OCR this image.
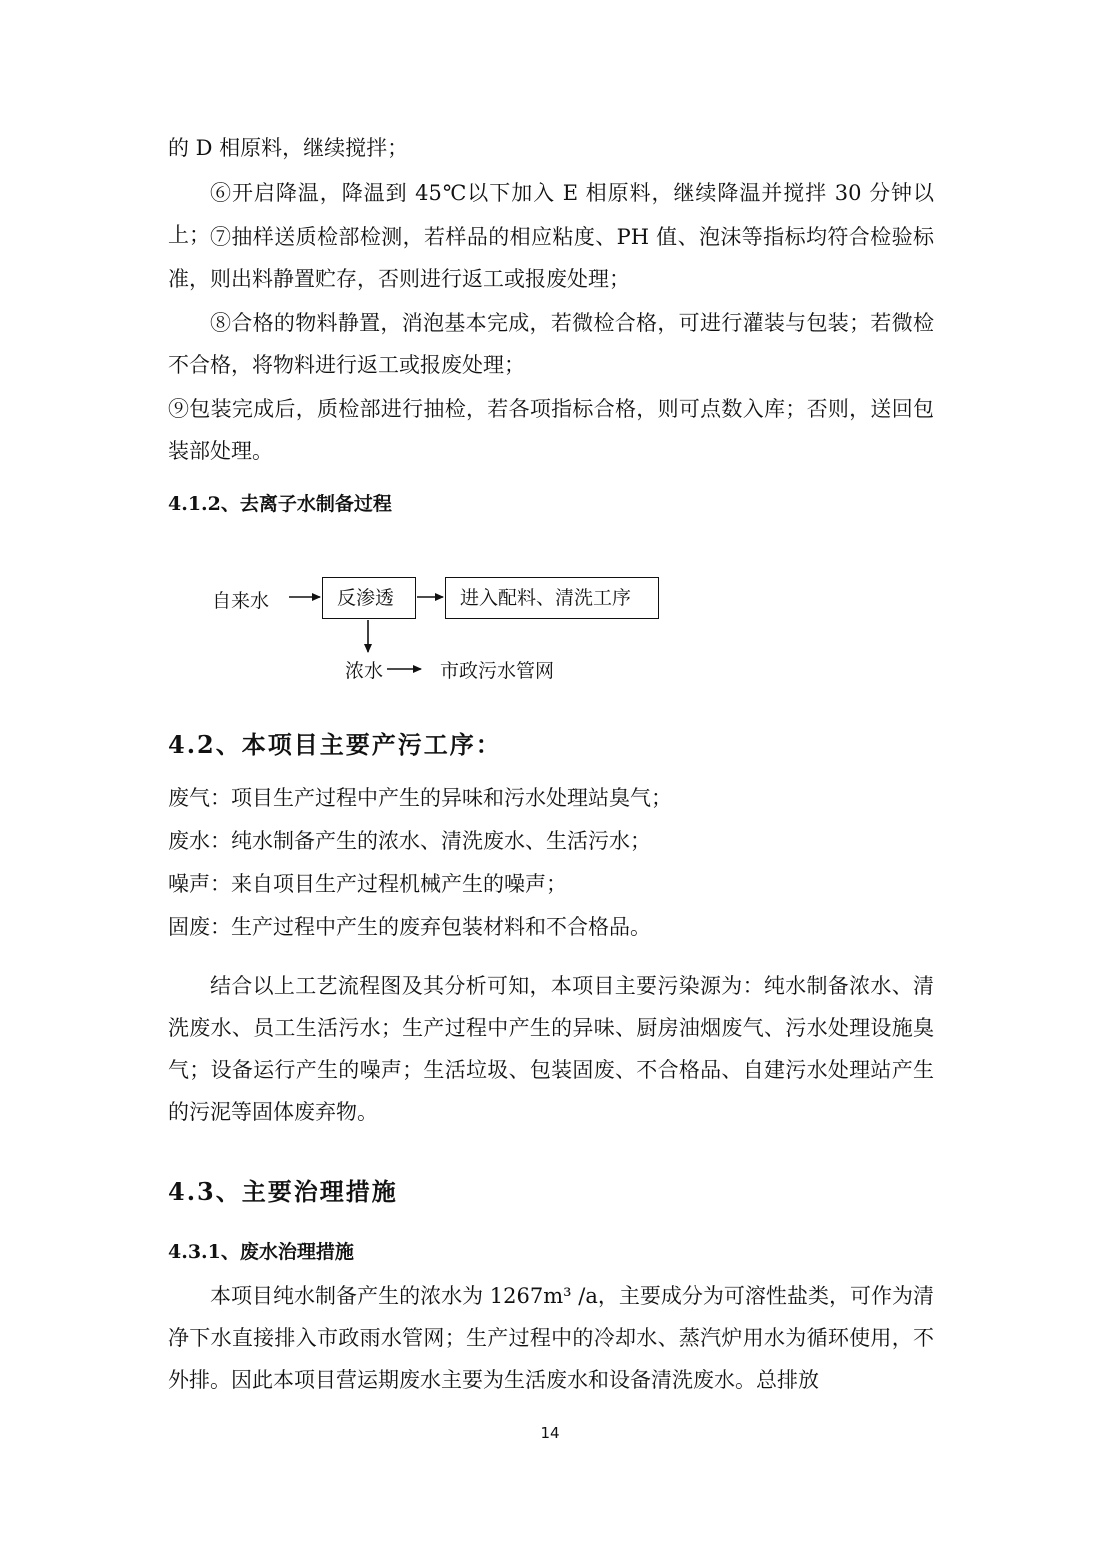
的 D 相原料，继续搅拌；

⑥开启降温，降温到 45℃以下加入 E 相原料，继续降温并搅拌 30 分钟以上； ⑦抽样送质检部检测，若样品的相应粘度、PH 值、泡沫等指标均符合检验标准，则出料静置贮存，否则进行返工或报废处理；

⑧合格的物料静置，消泡基本完成，若微检合格，可进行灌装与包装；若微检不合格，将物料进行返工或报废处理；

⑨包装完成后，质检部进行抽检，若各项指标合格，则可点数入库；否则，送回包装部处理。

4.1.2、去离子水制备过程
自来水	反渗透	进入配料、清洗工序
浓水	市政污水管网
4.2、本项目主要产污工序：

废气：项目生产过程中产生的异味和污水处理站臭气；

废水：纯水制备产生的浓水、清洗废水、生活污水；

噪声：来自项目生产过程机械产生的噪声；

固废：生产过程中产生的废弃包装材料和不合格品。

结合以上工艺流程图及其分析可知，本项目主要污染源为：纯水制备浓水、清洗废水、员工生活污水；生产过程中产生的异味、厨房油烟废气、污水处理设施臭气；设备运行产生的噪声；生活垃圾、包装固废、不合格品、自建污水处理站产生的污泥等固体废弃物。

4.3、主要治理措施
4.3.1、废水治理措施

本项目纯水制备产生的浓水为 1267m³ /a，主要成分为可溶性盐类，可作为清净下水直接排入市政雨水管网；生产过程中的冷却水、蒸汽炉用水为循环使用，不外排。因此本项目营运期废水主要为生活废水和设备清洗废水。总排放

14
